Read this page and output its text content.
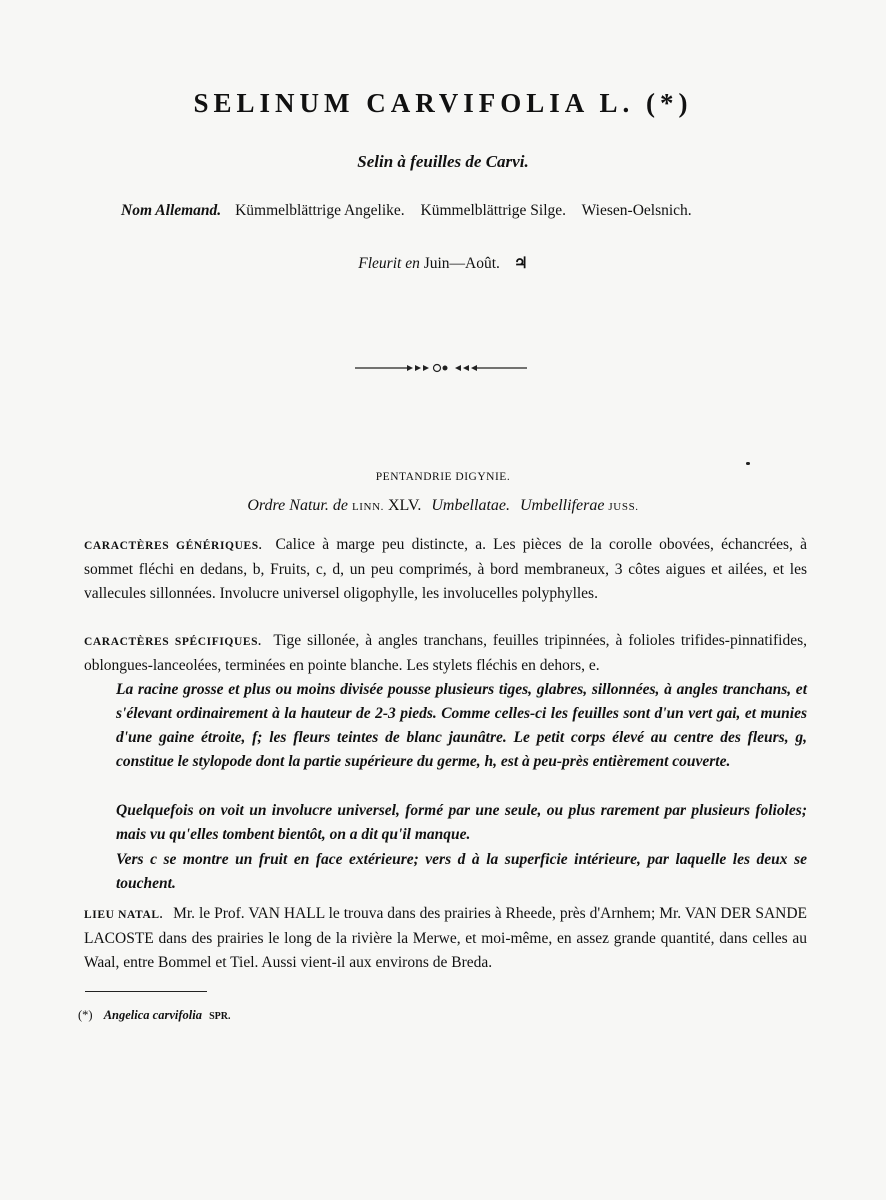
SELINUM CARVIFOLIA L. (*)
Selin à feuilles de Carvi.
Nom Allemand. Kümmelblättrige Angelike. Kümmelblättrige Silge. Wiesen-Oelsnich.
Fleurit en Juin—Août. ♃
PENTANDRIE DIGYNIE.
Ordre Natur. de LINN. XLV. Umbellatae. Umbelliferae JUSS.
CARACTÈRES GÉNÉRIQUES. Calice à marge peu distincte, a. Les pièces de la corolle obovées, échancrées, à sommet fléchi en dedans, b, Fruits, c, d, un peu comprimés, à bord membraneux, 3 côtes aigues et ailées, et les vallecules sillonnées. Involucre universel oligophylle, les involucelles polyphylles.
CARACTÈRES SPÉCIFIQUES. Tige sillonée, à angles tranchans, feuilles tripinnées, à folioles trifides-pinnatifides, oblongues-lanceolées, terminées en pointe blanche. Les stylets fléchis en dehors, e.
La racine grosse et plus ou moins divisée pousse plusieurs tiges, glabres, sillonnées, à angles tranchans, et s'élevant ordinairement à la hauteur de 2-3 pieds. Comme celles-ci les feuilles sont d'un vert gai, et munies d'une gaine étroite, f; les fleurs teintes de blanc jaunâtre. Le petit corps élevé au centre des fleurs, g, constitue le stylopode dont la partie supérieure du germe, h, est à peu-près entièrement couverte.
Quelquefois on voit un involucre universel, formé par une seule, ou plus rarement par plusieurs folioles; mais vu qu'elles tombent bientôt, on a dit qu'il manque.
Vers c se montre un fruit en face extérieure; vers d à la superficie intérieure, par laquelle les deux se touchent.
LIEU NATAL. Mr. le Prof. VAN HALL le trouva dans des prairies à Rheede, près d'Arnhem; Mr. VAN DER SANDE LACOSTE dans des prairies le long de la rivière la Merwe, et moi-même, en assez grande quantité, dans celles au Waal, entre Bommel et Tiel. Aussi vient-il aux environs de Breda.
(*) Angelica carvifolia SPR.
